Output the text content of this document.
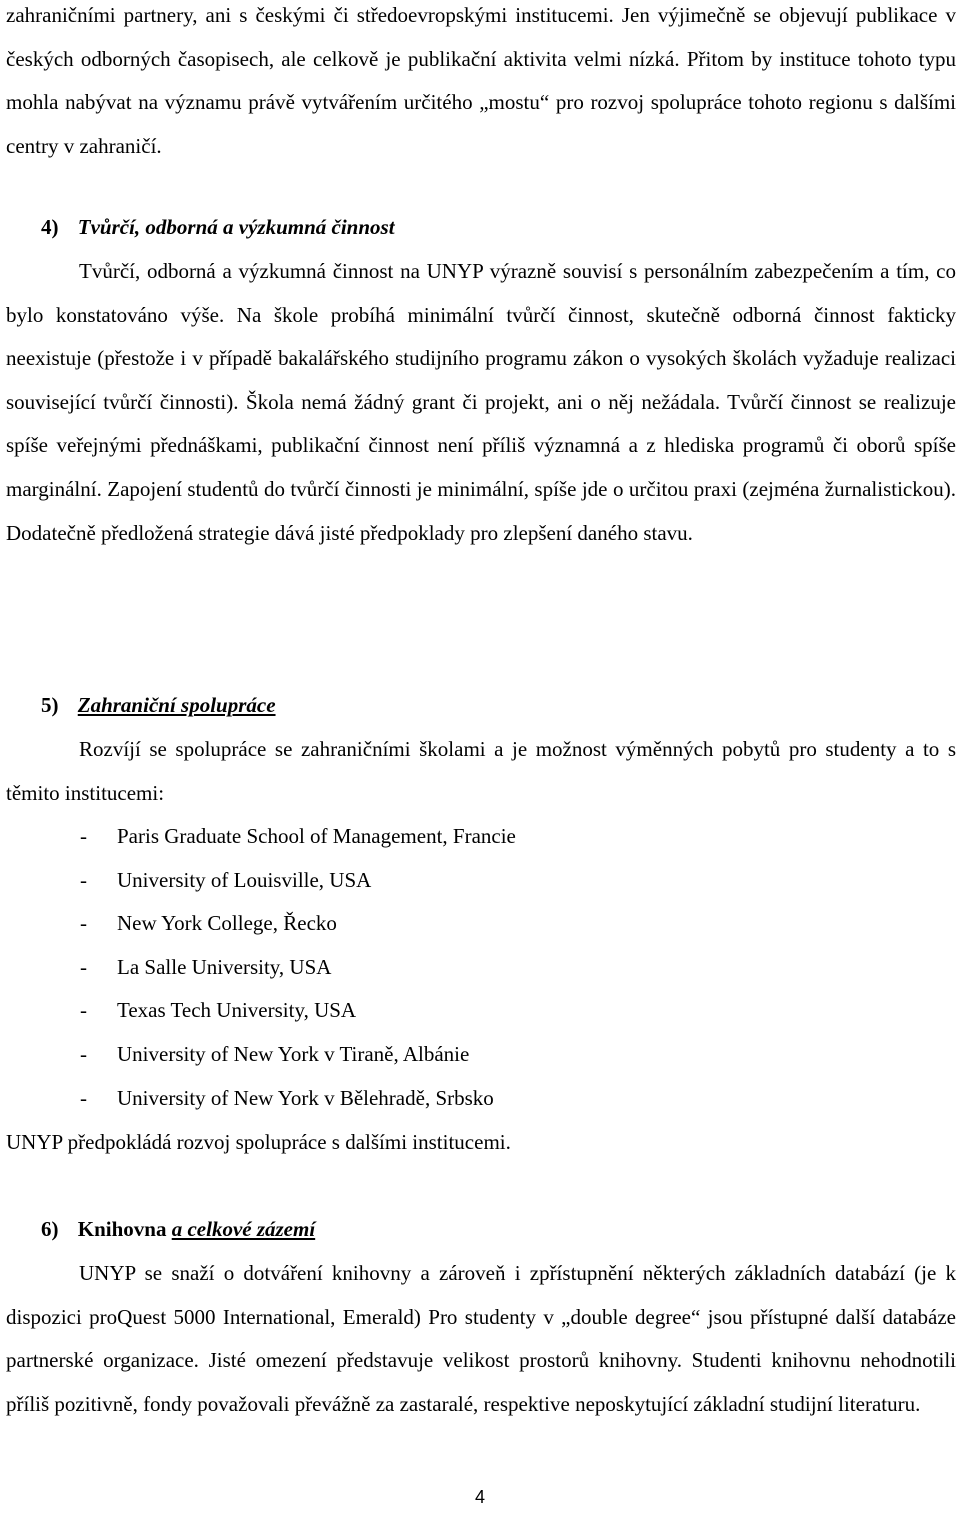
zahraničními partnery, ani s českými či středoevropskými institucemi. Jen výjimečně se objevují publikace v českých odborných časopisech, ale celkově je publikační aktivita velmi nízká. Přitom by instituce tohoto typu mohla nabývat na významu právě vytvářením určitého „mostu“ pro rozvoj spolupráce tohoto regionu s dalšími centry v zahraničí.

4) Tvůrčí, odborná a výzkumná činnost

Tvůrčí, odborná a výzkumná činnost na UNYP výrazně souvisí s personálním zabezpečením a tím, co bylo konstatováno výše. Na škole probíhá minimální tvůrčí činnost, skutečně odborná činnost fakticky neexistuje (přestože i v případě bakalářského studijního programu zákon o vysokých školách vyžaduje realizaci související tvůrčí činnosti). Škola nemá žádný grant či projekt, ani o něj nežádala. Tvůrčí činnost se realizuje spíše veřejnými přednáškami, publikační činnost není příliš významná a z hlediska programů či oborů spíše marginální. Zapojení studentů do tvůrčí činnosti je minimální, spíše jde o určitou praxi (zejména žurnalistickou). Dodatečně předložená strategie dává jisté předpoklady pro zlepšení daného stavu.

5) Zahraniční spolupráce

Rozvíjí se spolupráce se zahraničními školami a je možnost výměnných pobytů pro studenty a to s těmito institucemi:

- Paris Graduate School of Management, Francie
- University of Louisville, USA
- New York College, Řecko
- La Salle University, USA
- Texas Tech University, USA
- University of New York v Tiraně, Albánie
- University of New York v Bělehradě, Srbsko
UNYP předpokládá rozvoj spolupráce s dalšími institucemi.
6) Knihovna a celkové zázemí

UNYP se snaží o dotváření knihovny a zároveň i zpřístupnění některých základních databází (je k dispozici proQuest 5000 International, Emerald) Pro studenty v „double degree“ jsou přístupné další databáze partnerské organizace. Jisté omezení představuje velikost prostorů knihovny. Studenti knihovnu nehodnotili příliš pozitivně, fondy považovali převážně za zastaralé, respektive neposkytující základní studijní literaturu.

4
